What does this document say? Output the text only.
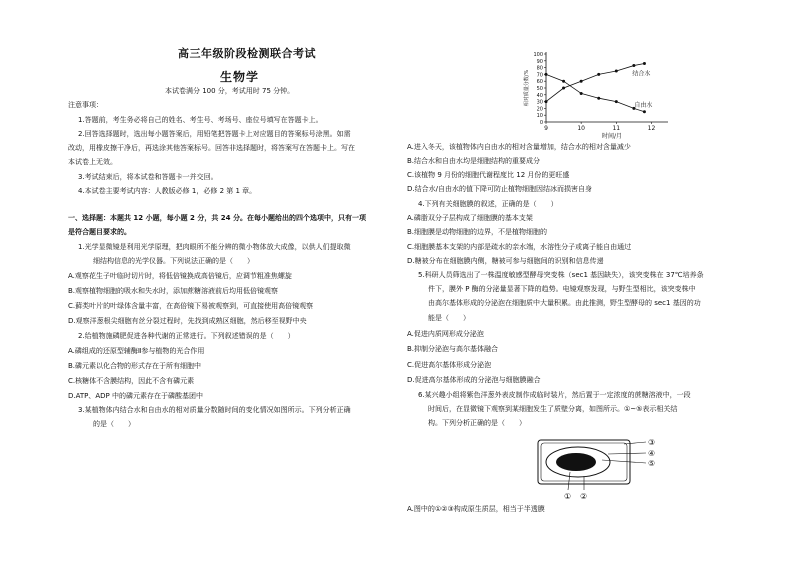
高三年级阶段检测联合考试
生物学
本试卷满分 100 分，考试用时 75 分钟。
注意事项：
1.答题前，考生务必将自己的姓名、考生号、考场号、座位号填写在答题卡上。
2.回答选择题时，选出每小题答案后，用铅笔把答题卡上对应题目的答案标号涂黑。如需
改动，用橡皮擦干净后，再选涂其他答案标号。回答非选择题时，将答案写在答题卡上。写在
本试卷上无效。
3.考试结束后，将本试卷和答题卡一并交回。
4.本试卷主要考试内容：人教版必修 1，必修 2 第 1 章。
一、选择题：本题共 12 小题，每小题 2 分，共 24 分。在每小题给出的四个选项中，只有一项
是符合题目要求的。
1.光学显微镜是利用光学原理，把肉眼所不能分辨的微小物体放大成像，以供人们提取微
细结构信息的光学仪器。下列说法正确的是（　　）
A.观察花生子叶临时切片时，将低倍镜换成高倍镜后，应调节粗准焦螺旋
B.观察植物细胞的吸水和失水时，添加蔗糖溶液前后均用低倍镜观察
C.藓类叶片的叶绿体含量丰富，在高倍镜下易被观察到，可直接使用高倍镜观察
D.观察洋葱根尖细胞有丝分裂过程时，先找到成熟区细胞，然后移至视野中央
2.给植物施磷肥促进各种代谢的正常进行。下列叙述错误的是（　　）
A.磷组成的还原型辅酶Ⅱ参与植物的光合作用
B.磷元素以化合物的形式存在于所有细胞中
C.核糖体不含膜结构，因此不含有磷元素
D.ATP、ADP 中的磷元素存在于磷酸基团中
3.某植物体内结合水和自由水的相对质量分数随时间的变化情况如图所示。下列分析正确
的是（　　）
0
10
20
30
40
50
60
70
80
90
100
9	10	11	12
时间/月
相对质量分数/%	结合水
自由水
A.进入冬天，该植物体内自由水的相对含量增加，结合水的相对含量减少
B.结合水和自由水均是细胞结构的重要成分
C.该植物 9 月份的细胞代谢程度比 12 月份的更旺盛
D.结合水/自由水的值下降可防止植物细胞因结冰而损害自身
4.下列有关细胞膜的叙述，正确的是（　　）
A.磷脂双分子层构成了细胞膜的基本支架
B.细胞膜是动物细胞的边界，不是植物细胞的
C.细胞膜基本支架的内部是疏水的亲水端，水溶性分子或离子能自由通过
D.糖被分布在细胞膜内侧，糖被可参与细胞间的识别和信息传递
5.科研人员筛选出了一株温度敏感型酵母突变株（sec1 基因缺失），该突变株在 37℃培养条
件下，膜外 P 酶的分泌量显著下降的趋势。电镜观察发现，与野生型相比，该突变株中
由高尔基体形成的分泌泡在细胞质中大量积累。由此推测，野生型酵母的 sec1 基因的功
能是（　　）
A.促进内质网形成分泌泡
B.抑制分泌泡与高尔基体融合
C.促进高尔基体形成分泌泡
D.促进高尔基体形成的分泌泡与细胞膜融合
6.某兴趣小组将紫色洋葱外表皮制作成临时装片，然后置于一定浓度的蔗糖溶液中，一段
时间后，在显微镜下观察到某细胞发生了质壁分离，如图所示。①~⑤表示相关结
构。下列分析正确的是（　　）
③
④
⑤
① ②
A.图中的①②③构成原生质层，相当于半透膜
